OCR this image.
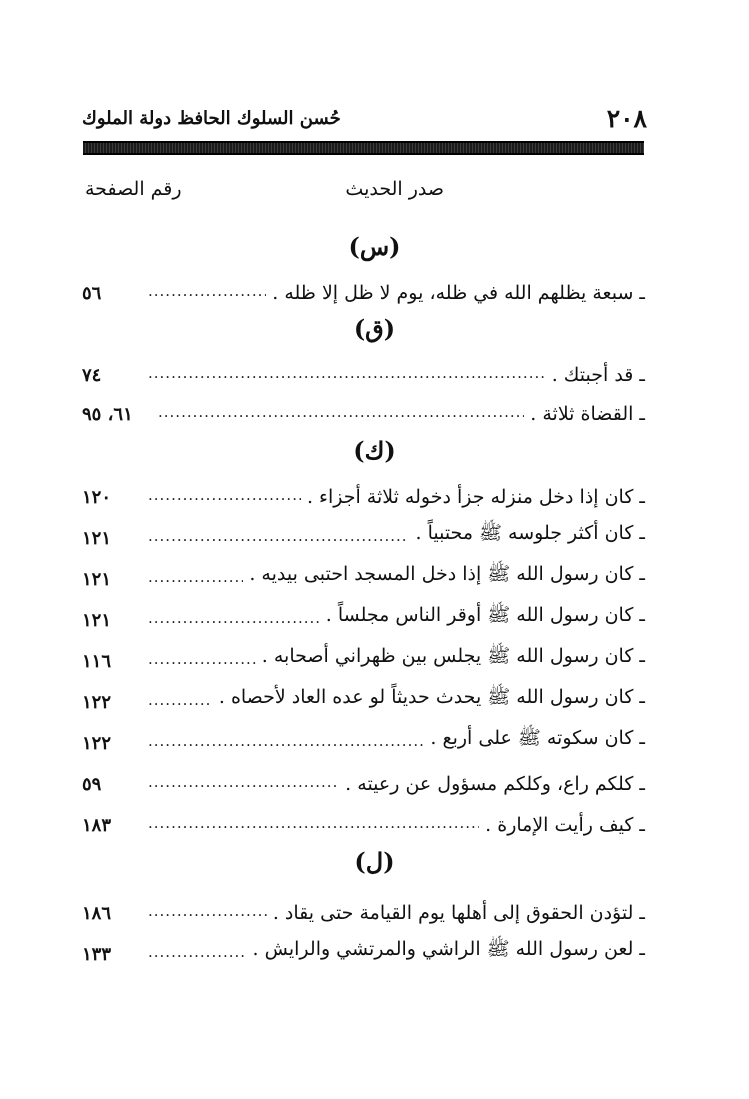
٢٠٨
حُسن السلوك الحافظ دولة الملوك
صدر الحديث
رقم الصفحة
(س)
ـ سبعة يظلهم الله في ظله، يوم لا ظل إلا ظله .
.....
٥٦
(ق)
ـ قد أجبتك .
.....
٧٤
ـ القضاة ثلاثة .
.....
٦١، ٩٥
(ك)
ـ كان إذا دخل منزله جزأ دخوله ثلاثة أجزاء .
.....
١٢٠
ـ كان أكثر جلوسه ﷺ محتبياً .
.....
١٢١
ـ كان رسول الله ﷺ إذا دخل المسجد احتبى بيديه .
.....
١٢١
ـ كان رسول الله ﷺ أوقر الناس مجلساً .
.....
١٢١
ـ كان رسول الله ﷺ يجلس بين ظهراني أصحابه .
.....
١١٦
ـ كان رسول الله ﷺ يحدث حديثاً لو عده العاد لأحصاه .
.....
١٢٢
ـ كان سكوته ﷺ على أربع .
.....
١٢٢
ـ كلكم راع، وكلكم مسؤول عن رعيته .
.....
٥٩
ـ كيف رأيت الإمارة .
.....
١٨٣
(ل)
ـ لتؤدن الحقوق إلى أهلها يوم القيامة حتى يقاد .
.....
١٨٦
ـ لعن رسول الله ﷺ الراشي والمرتشي والرايش .
.....
١٣٣
